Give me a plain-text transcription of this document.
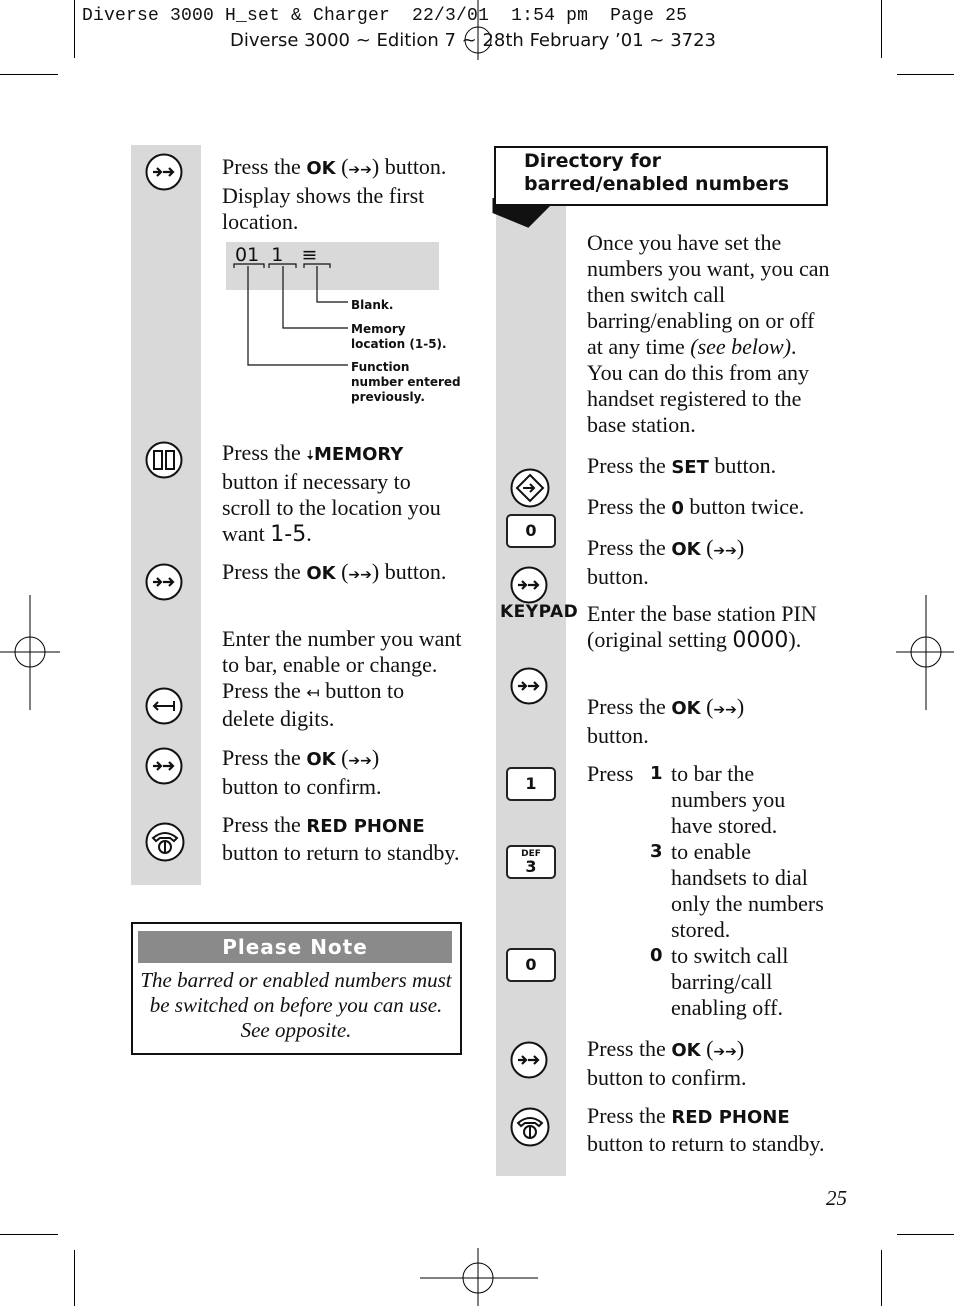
Diverse 3000 H_set & Charger  22/3/01  1:54 pm  Page 25
Diverse 3000 ~ Edition 7 ~ 28th February ’01 ~ 3723
Press the OK (➔➔) button. Display shows the first location.
01  1   ≡
Blank.
Memory location (1-5).
Function number entered previously.
Press the 🠇MEMORY button if necessary to scroll to the location you want 1-5.
Press the OK (➔➔) button.
Enter the number you want to bar, enable or change. Press the ↤ button to delete digits.
Press the OK (➔➔)
button to confirm.
Press the RED PHONE button to return to standby.
Please Note
The barred or enabled numbers must be switched on before you can use. See opposite.
Directory for barred/enabled numbers
Once you have set the numbers you want, you can then switch call barring/enabling on or off at any time (see below). You can do this from any handset registered to the base station.
Press the SET button.
0
Press the 0 button twice.
Press the OK (➔➔)
button.
KEYPAD Enter the base station PIN (original setting 0000).
Press the OK (➔➔)
button.
1
DEF
3
0
Press 1 to bar the numbers you have stored.
3 to enable handsets to dial only the numbers stored.
0 to switch call barring/call enabling off.
Press the OK (➔➔)
button to confirm.
Press the RED PHONE button to return to standby.
25
